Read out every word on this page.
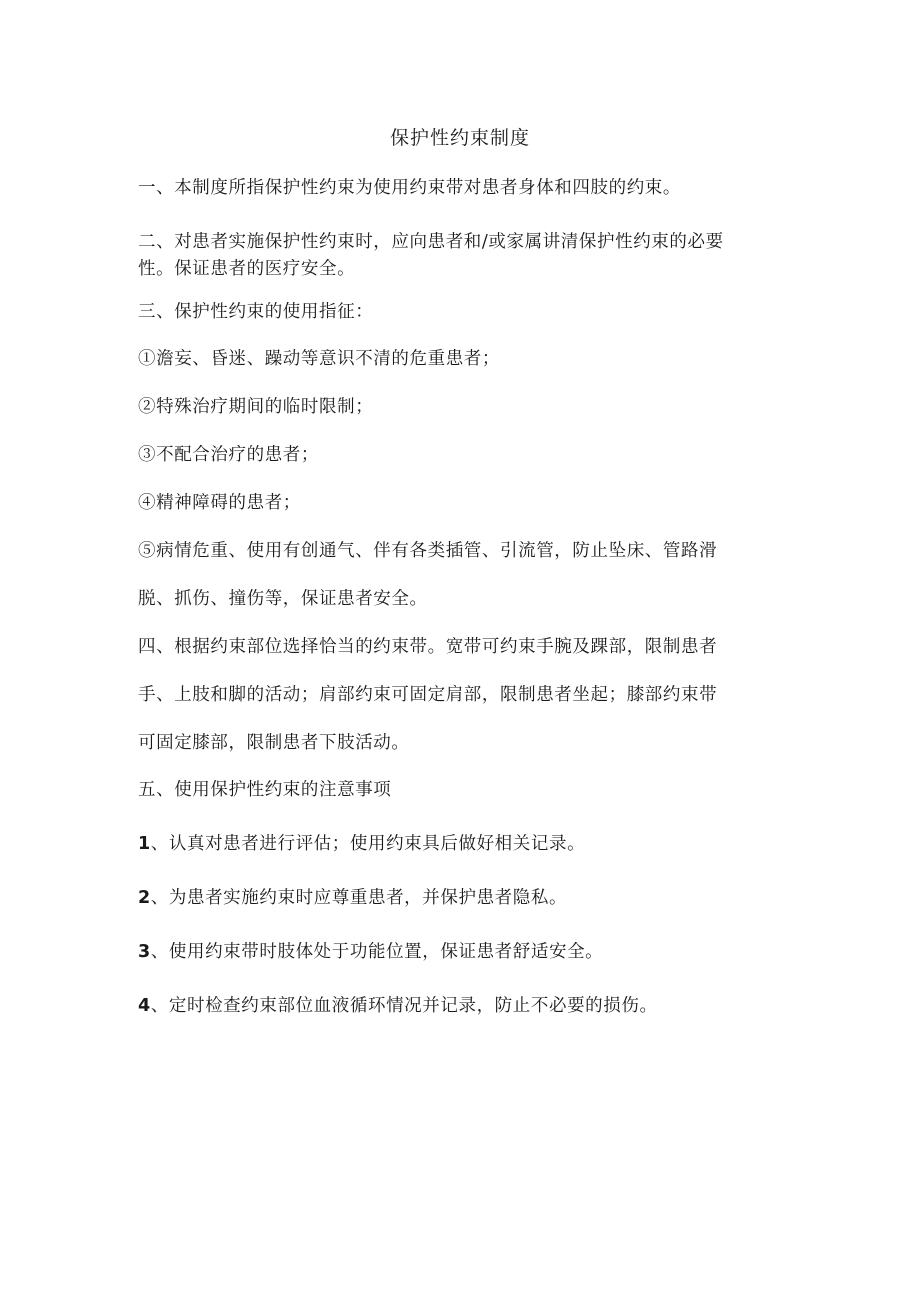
保护性约束制度
一、本制度所指保护性约束为使用约束带对患者身体和四肢的约束。
二、对患者实施保护性约束时，应向患者和/或家属讲清保护性约束的必要
性。保证患者的医疗安全。
三、保护性约束的使用指征：
①澹妄、昏迷、躁动等意识不清的危重患者；
②特殊治疗期间的临时限制；
③不配合治疗的患者；
④精神障碍的患者；
⑤病情危重、使用有创通气、伴有各类插管、引流管，防止坠床、管路滑
脱、抓伤、撞伤等，保证患者安全。
四、根据约束部位选择恰当的约束带。宽带可约束手腕及踝部，限制患者
手、上肢和脚的活动；肩部约束可固定肩部，限制患者坐起；膝部约束带
可固定膝部，限制患者下肢活动。
五、使用保护性约束的注意事项
1、认真对患者进行评估；使用约束具后做好相关记录。
2、为患者实施约束时应尊重患者，并保护患者隐私。
3、使用约束带时肢体处于功能位置，保证患者舒适安全。
4、定时检查约束部位血液循环情况并记录，防止不必要的损伤。
